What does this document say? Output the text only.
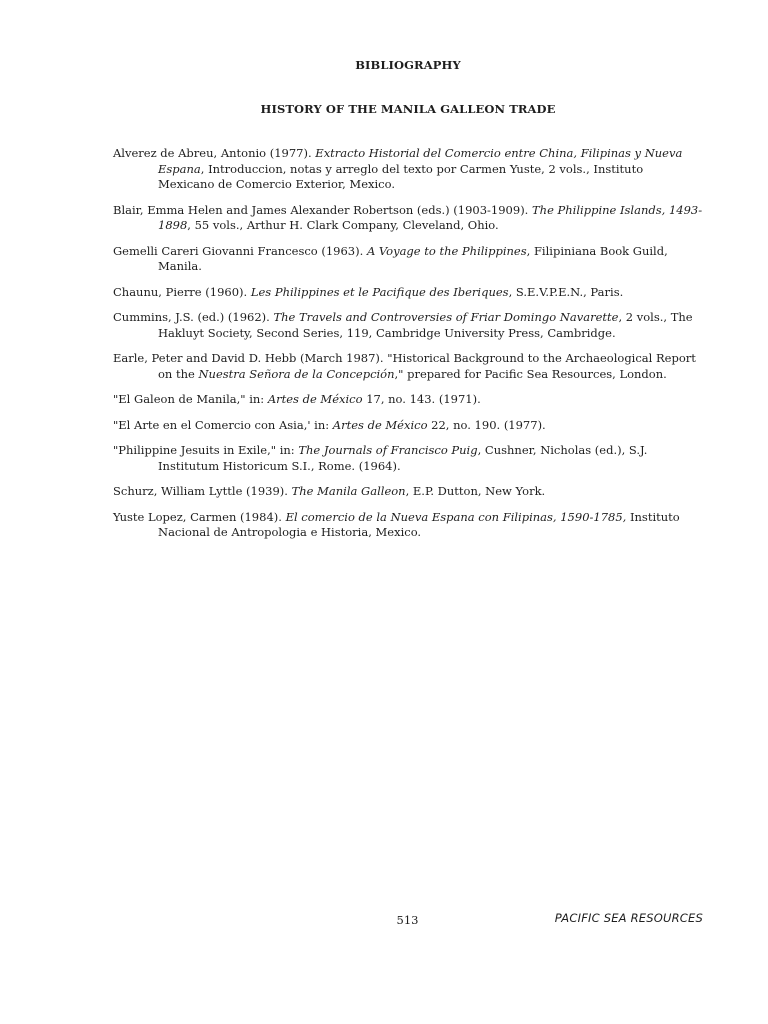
BIBLIOGRAPHY
HISTORY OF THE MANILA GALLEON TRADE

Alverez de Abreu, Antonio (1977). Extracto Historial del Comercio entre China, Filipinas y Nueva Espana, Introduccion, notas y arreglo del texto por Carmen Yuste, 2 vols., Instituto Mexicano de Comercio Exterior, Mexico.

Blair, Emma Helen and James Alexander Robertson (eds.) (1903-1909). The Philippine Islands, 1493-1898, 55 vols., Arthur H. Clark Company, Cleveland, Ohio.

Gemelli Careri Giovanni Francesco (1963). A Voyage to the Philippines, Filipiniana Book Guild, Manila.

Chaunu, Pierre (1960). Les Philippines et le Pacifique des Iberiques, S.E.V.P.E.N., Paris.

Cummins, J.S. (ed.) (1962). The Travels and Controversies of Friar Domingo Navarette, 2 vols., The Hakluyt Society, Second Series, 119, Cambridge University Press, Cambridge.

Earle, Peter and David D. Hebb (March 1987). "Historical Background to the Archaeological Report on the Nuestra Señora de la Concepción," prepared for Pacific Sea Resources, London.

"El Galeon de Manila," in: Artes de México 17, no. 143. (1971).

"El Arte en el Comercio con Asia,' in: Artes de México 22, no. 190. (1977).

"Philippine Jesuits in Exile," in: The Journals of Francisco Puig, Cushner, Nicholas (ed.), S.J. Institutum Historicum S.I., Rome. (1964).

Schurz, William Lyttle (1939). The Manila Galleon, E.P. Dutton, New York.

Yuste Lopez, Carmen (1984). El comercio de la Nueva Espana con Filipinas, 1590-1785, Instituto Nacional de Antropologia e Historia, Mexico.

513	PACIFIC SEA RESOURCES
